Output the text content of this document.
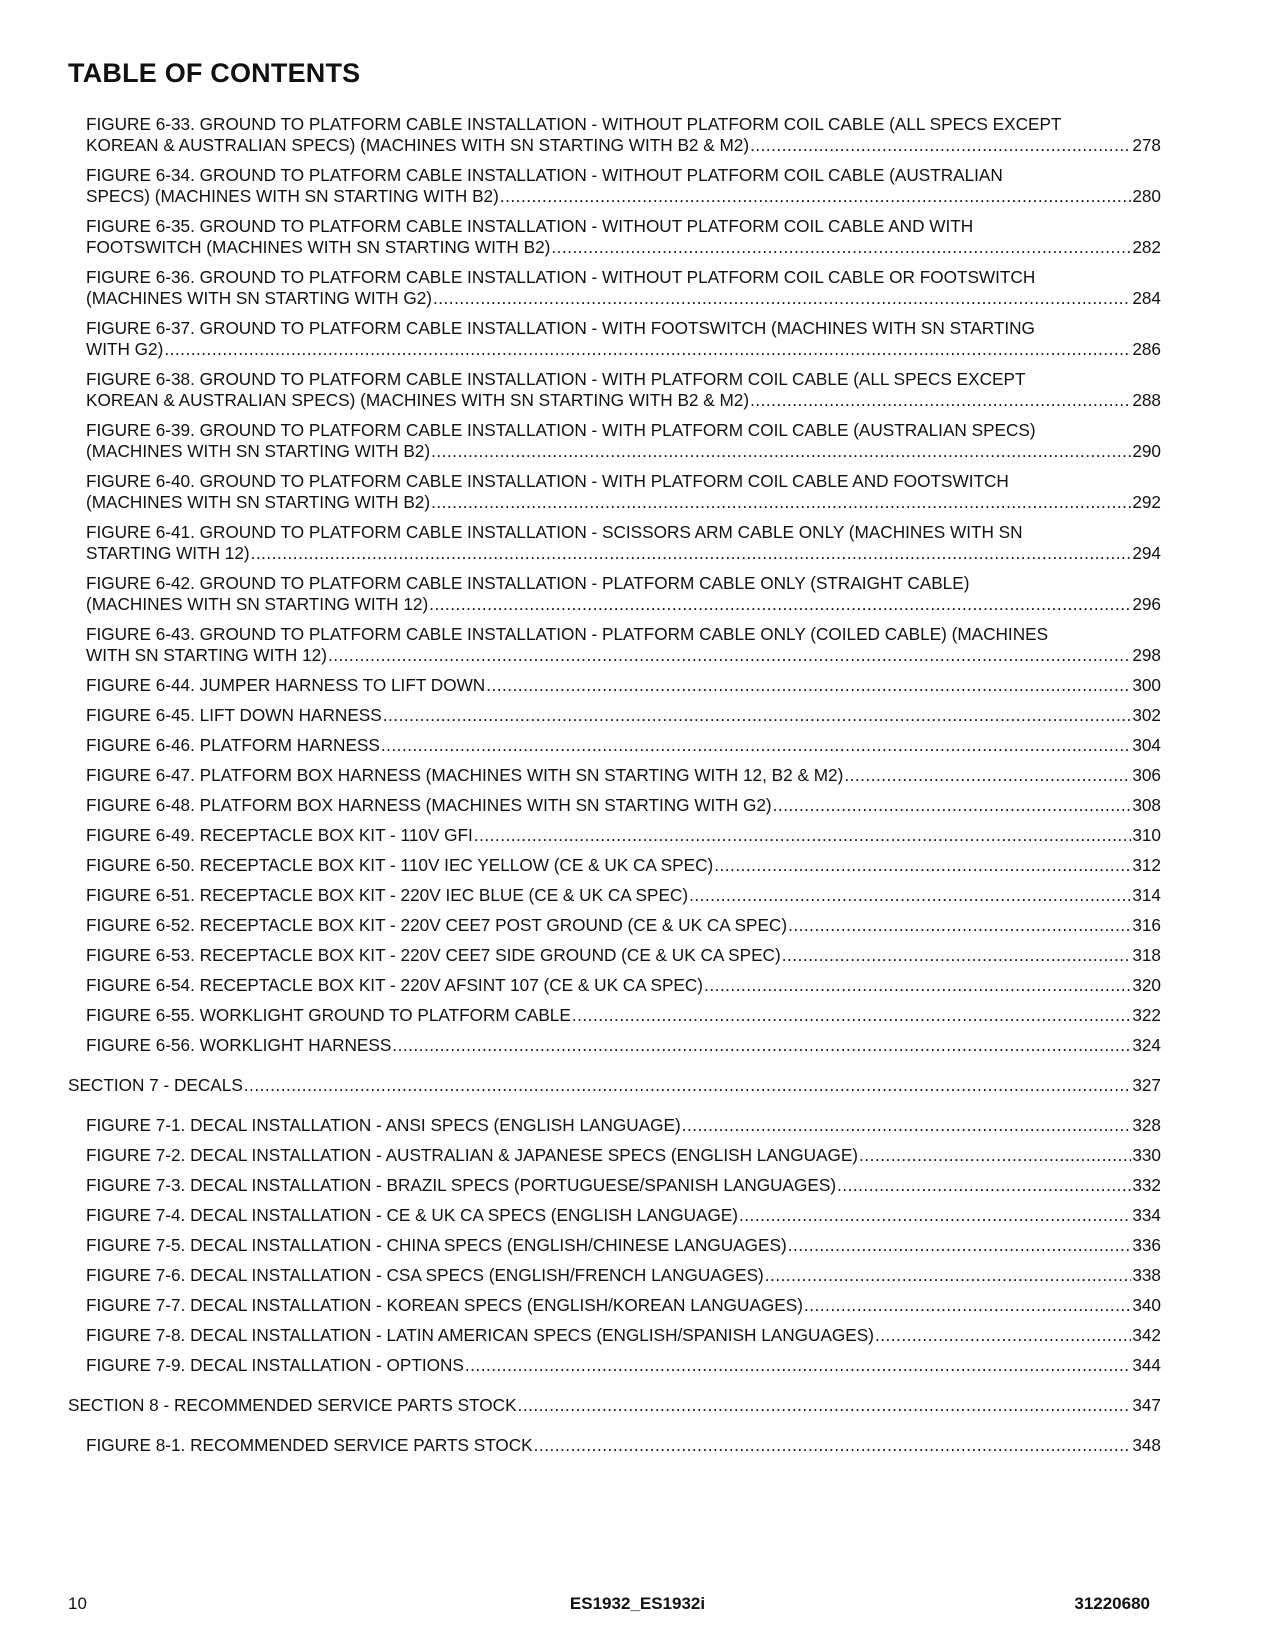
TABLE OF CONTENTS
FIGURE 6-33. GROUND TO PLATFORM CABLE INSTALLATION - WITHOUT PLATFORM COIL CABLE (ALL SPECS EXCEPT
KOREAN & AUSTRALIAN SPECS) (MACHINES WITH SN STARTING WITH B2 & M2) .....	278
FIGURE 6-34. GROUND TO PLATFORM CABLE INSTALLATION - WITHOUT PLATFORM COIL CABLE (AUSTRALIAN
SPECS) (MACHINES WITH SN STARTING WITH B2) .....	280
FIGURE 6-35. GROUND TO PLATFORM CABLE INSTALLATION - WITHOUT PLATFORM COIL CABLE AND WITH
FOOTSWITCH (MACHINES WITH SN STARTING WITH B2) .....	282
FIGURE 6-36. GROUND TO PLATFORM CABLE INSTALLATION - WITHOUT PLATFORM COIL CABLE OR FOOTSWITCH
(MACHINES WITH SN STARTING WITH G2) .....	284
FIGURE 6-37. GROUND TO PLATFORM CABLE INSTALLATION - WITH FOOTSWITCH (MACHINES WITH SN STARTING
WITH G2) .....	286
FIGURE 6-38. GROUND TO PLATFORM CABLE INSTALLATION - WITH PLATFORM COIL CABLE (ALL SPECS EXCEPT
KOREAN & AUSTRALIAN SPECS) (MACHINES WITH SN STARTING WITH B2 & M2) .....	288
FIGURE 6-39. GROUND TO PLATFORM CABLE INSTALLATION - WITH PLATFORM COIL CABLE (AUSTRALIAN SPECS)
(MACHINES WITH SN STARTING WITH B2) .....	290
FIGURE 6-40. GROUND TO PLATFORM CABLE INSTALLATION - WITH PLATFORM COIL CABLE AND FOOTSWITCH
(MACHINES WITH SN STARTING WITH B2) .....	292
FIGURE 6-41. GROUND TO PLATFORM CABLE INSTALLATION - SCISSORS ARM CABLE ONLY (MACHINES WITH SN
STARTING WITH 12) .....	294
FIGURE 6-42. GROUND TO PLATFORM CABLE INSTALLATION - PLATFORM CABLE ONLY (STRAIGHT CABLE)
(MACHINES WITH SN STARTING WITH 12) .....	296
FIGURE 6-43. GROUND TO PLATFORM CABLE INSTALLATION - PLATFORM CABLE ONLY (COILED CABLE) (MACHINES
WITH SN STARTING WITH 12) .....	298
FIGURE 6-44. JUMPER HARNESS TO LIFT DOWN .....	300
FIGURE 6-45. LIFT DOWN HARNESS .....	302
FIGURE 6-46. PLATFORM HARNESS .....	304
FIGURE 6-47. PLATFORM BOX HARNESS (MACHINES WITH SN STARTING WITH 12, B2 & M2) .....	306
FIGURE 6-48. PLATFORM BOX HARNESS (MACHINES WITH SN STARTING WITH G2) .....	308
FIGURE 6-49. RECEPTACLE BOX KIT - 110V GFI .....	310
FIGURE 6-50. RECEPTACLE BOX KIT - 110V IEC YELLOW (CE & UK CA SPEC) .....	312
FIGURE 6-51. RECEPTACLE BOX KIT - 220V IEC BLUE (CE & UK CA SPEC) .....	314
FIGURE 6-52. RECEPTACLE BOX KIT - 220V CEE7 POST GROUND (CE & UK CA SPEC) .....	316
FIGURE 6-53. RECEPTACLE BOX KIT - 220V CEE7 SIDE GROUND (CE & UK CA SPEC) .....	318
FIGURE 6-54. RECEPTACLE BOX KIT - 220V AFSINT 107 (CE & UK CA SPEC) .....	320
FIGURE 6-55. WORKLIGHT GROUND TO PLATFORM CABLE .....	322
FIGURE 6-56. WORKLIGHT HARNESS .....	324
SECTION 7 - DECALS .....	327
FIGURE 7-1. DECAL INSTALLATION - ANSI SPECS (ENGLISH LANGUAGE) .....	328
FIGURE 7-2. DECAL INSTALLATION - AUSTRALIAN & JAPANESE SPECS (ENGLISH LANGUAGE) .....	330
FIGURE 7-3. DECAL INSTALLATION - BRAZIL SPECS (PORTUGUESE/SPANISH LANGUAGES) .....	332
FIGURE 7-4. DECAL INSTALLATION - CE & UK CA SPECS (ENGLISH LANGUAGE) .....	334
FIGURE 7-5. DECAL INSTALLATION - CHINA SPECS (ENGLISH/CHINESE LANGUAGES) .....	336
FIGURE 7-6. DECAL INSTALLATION - CSA SPECS (ENGLISH/FRENCH LANGUAGES) .....	338
FIGURE 7-7. DECAL INSTALLATION - KOREAN SPECS (ENGLISH/KOREAN LANGUAGES) .....	340
FIGURE 7-8. DECAL INSTALLATION - LATIN AMERICAN SPECS (ENGLISH/SPANISH LANGUAGES) .....	342
FIGURE 7-9. DECAL INSTALLATION - OPTIONS .....	344
SECTION 8 - RECOMMENDED SERVICE PARTS STOCK .....	347
FIGURE 8-1. RECOMMENDED SERVICE PARTS STOCK .....	348
10	ES1932_ES1932i	31220680
